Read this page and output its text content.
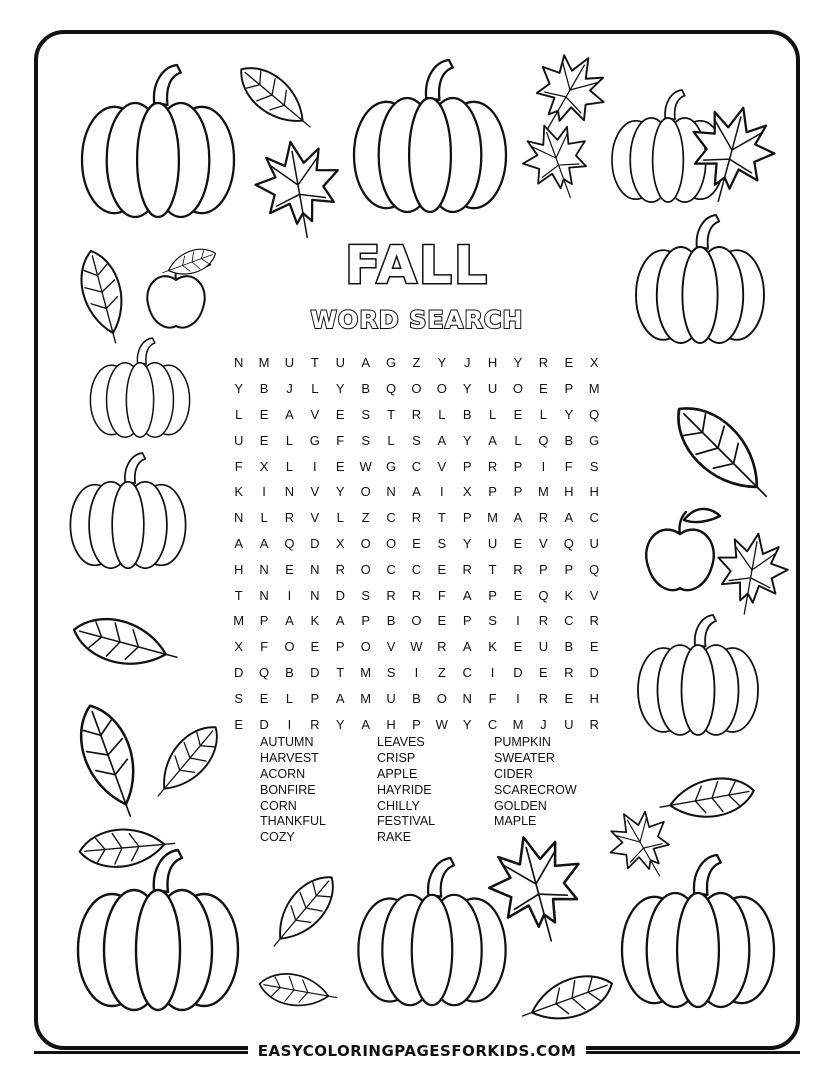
FALL
WORD SEARCH
N	M	U	T	U	A	G	Z	Y	J	H	Y	R	E	X
Y	B	J	L	Y	B	Q	O	O	Y	U	O	E	P	M
L	E	A	V	E	S	T	R	L	B	L	E	L	Y	Q
U	E	L	G	F	S	L	S	A	Y	A	L	Q	B	G
F	X	L	I	E	W	G	C	V	P	R	P	I	F	S
K	I	N	V	Y	O	N	A	I	X	P	P	M	H	H
N	L	R	V	L	Z	C	R	T	P	M	A	R	A	C
A	A	Q	D	X	O	O	E	S	Y	U	E	V	Q	U
H	N	E	N	R	O	C	C	E	R	T	R	P	P	Q
T	N	I	N	D	S	R	R	F	A	P	E	Q	K	V
M	P	A	K	A	P	B	O	E	P	S	I	R	C	R
X	F	O	E	P	O	V	W	R	A	K	E	U	B	E
D	Q	B	D	T	M	S	I	Z	C	I	D	E	R	D
S	E	L	P	A	M	U	B	O	N	F	I	R	E	H
E	D	I	R	Y	A	H	P	W	Y	C	M	J	U	R
AUTUMN
HARVEST
ACORN
BONFIRE
CORN
THANKFUL
COZY
LEAVES
CRISP
APPLE
HAYRIDE
CHILLY
FESTIVAL
RAKE
PUMPKIN
SWEATER
CIDER
SCARECROW
GOLDEN
MAPLE
EASYCOLORINGPAGESFORKIDS.COM
